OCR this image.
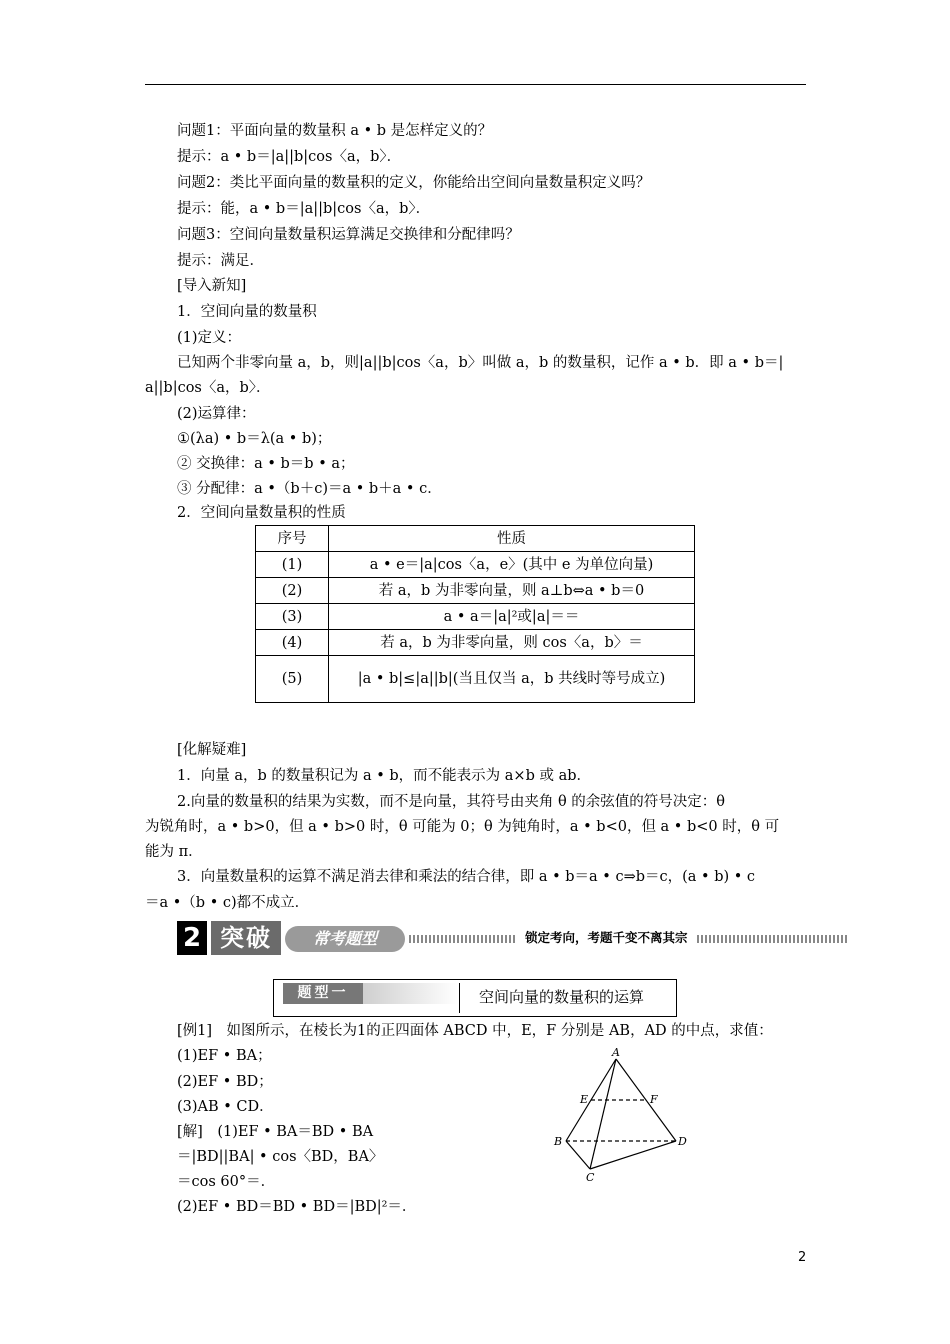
问题1：平面向量的数量积 a • b 是怎样定义的？
提示：a • b＝|a||b|cos〈a，b〉．
问题2：类比平面向量的数量积的定义，你能给出空间向量数量积定义吗？
提示：能，a • b＝|a||b|cos〈a，b〉．
问题3：空间向量数量积运算满足交换律和分配律吗？
提示：满足．
[导入新知]
1．空间向量的数量积
(1)定义：
已知两个非零向量 a，b，则|a||b|cos〈a，b〉叫做 a，b 的数量积，记作 a • b．即 a • b＝|
a||b|cos〈a，b〉．
(2)运算律：
①(λa) • b＝λ(a • b)；
② 交换律：a • b＝b • a；
③ 分配律：a •（b＋c)＝a • b＋a • c．
2．空间向量数量积的性质
序号	性质
(1)	a • e＝|a|cos〈a，e〉(其中 e 为单位向量)
(2)	若 a，b 为非零向量，则 a⊥b⇔a • b＝0
(3)	a • a＝|a|²或|a|＝＝
(4)	若 a，b 为非零向量，则 cos〈a，b〉＝
(5)	|a • b|≤|a||b|(当且仅当 a，b 共线时等号成立)
[化解疑难]
1．向量 a，b 的数量积记为 a • b，而不能表示为 a×b 或 ab．
2.向量的数量积的结果为实数，而不是向量，其符号由夹角 θ 的余弦值的符号决定：θ
为锐角时，a • b>0，但 a • b>0 时，θ 可能为 0；θ 为钝角时，a • b<0，但 a • b<0 时，θ 可
能为 π．
3．向量数量积的运算不满足消去律和乘法的结合律，即 a • b＝a • c⇒b＝c，(a • b) • c
＝a •（b • c)都不成立．
2 突破	常考题型	锁定考向，考题千变不离其宗
题型一	空间向量的数量积的运算
[例1]　如图所示，在棱长为1的正四面体 ABCD 中，E，F 分别是 AB，AD 的中点，求值：
(1)EF • BA；
(2)EF • BD；
(3)AB • CD．
[解]　(1)EF • BA＝BD • BA
＝|BD||BA| • cos〈BD，BA〉
＝cos 60°＝．
(2)EF • BD＝BD • BD＝|BD|²＝．
A
B
C
D
E	F
2
